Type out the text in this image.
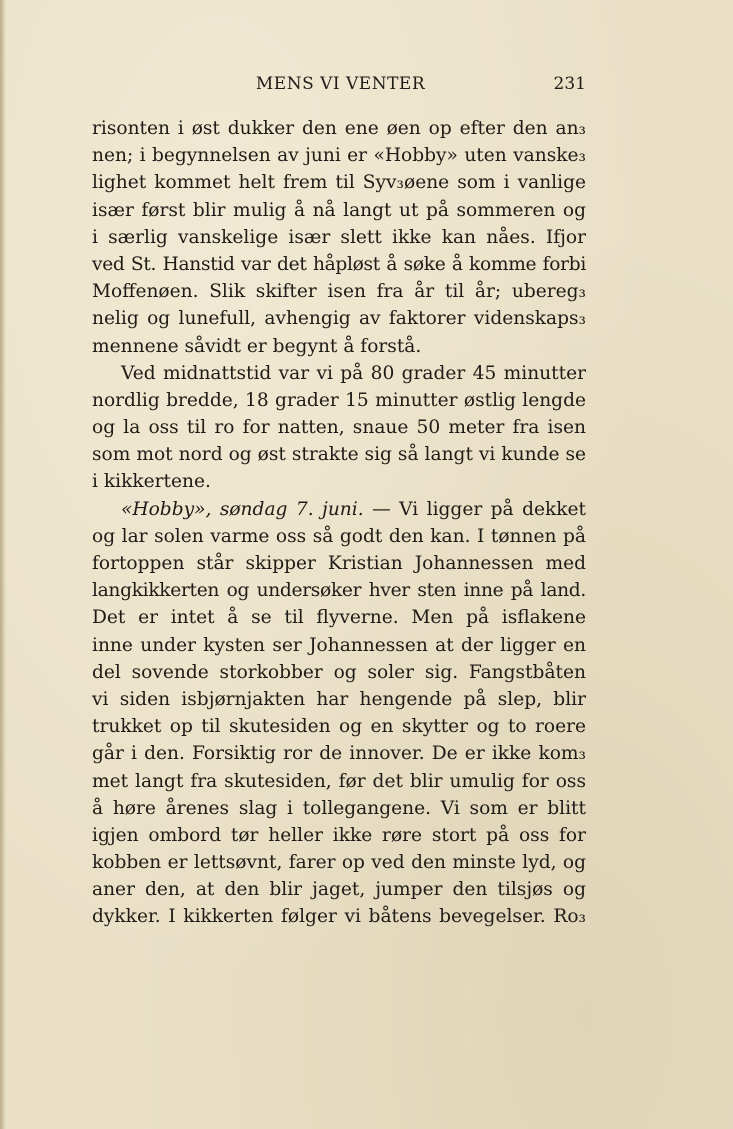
MENS VI VENTER	231
risonten i øst dukker den ene øen op efter den an₃
nen; i begynnelsen av juni er «Hobby» uten vanske₃
lighet kommet helt frem til Syv₃øene som i vanlige
især først blir mulig å nå langt ut på sommeren og
i særlig vanskelige især slett ikke kan nåes. Ifjor
ved St. Hanstid var det håpløst å søke å komme forbi
Moffenøen. Slik skifter isen fra år til år; ubereg₃
nelig og lunefull, avhengig av faktorer videnskaps₃
mennene såvidt er begynt å forstå.
Ved midnattstid var vi på 80 grader 45 minutter
nordlig bredde, 18 grader 15 minutter østlig lengde
og la oss til ro for natten, snaue 50 meter fra isen
som mot nord og øst strakte sig så langt vi kunde se
i kikkertene.
«Hobby», søndag 7. juni. — Vi ligger på dekket
og lar solen varme oss så godt den kan. I tønnen på
fortoppen står skipper Kristian Johannessen med
langkikkerten og undersøker hver sten inne på land.
Det er intet å se til flyverne. Men på isflakene
inne under kysten ser Johannessen at der ligger en
del sovende storkobber og soler sig. Fangstbåten
vi siden isbjørnjakten har hengende på slep, blir
trukket op til skutesiden og en skytter og to roere
går i den. Forsiktig ror de innover. De er ikke kom₃
met langt fra skutesiden, før det blir umulig for oss
å høre årenes slag i tollegangene. Vi som er blitt
igjen ombord tør heller ikke røre stort på oss for
kobben er lettsøvnt, farer op ved den minste lyd, og
aner den, at den blir jaget, jumper den tilsjøs og
dykker. I kikkerten følger vi båtens bevegelser. Ro₃
